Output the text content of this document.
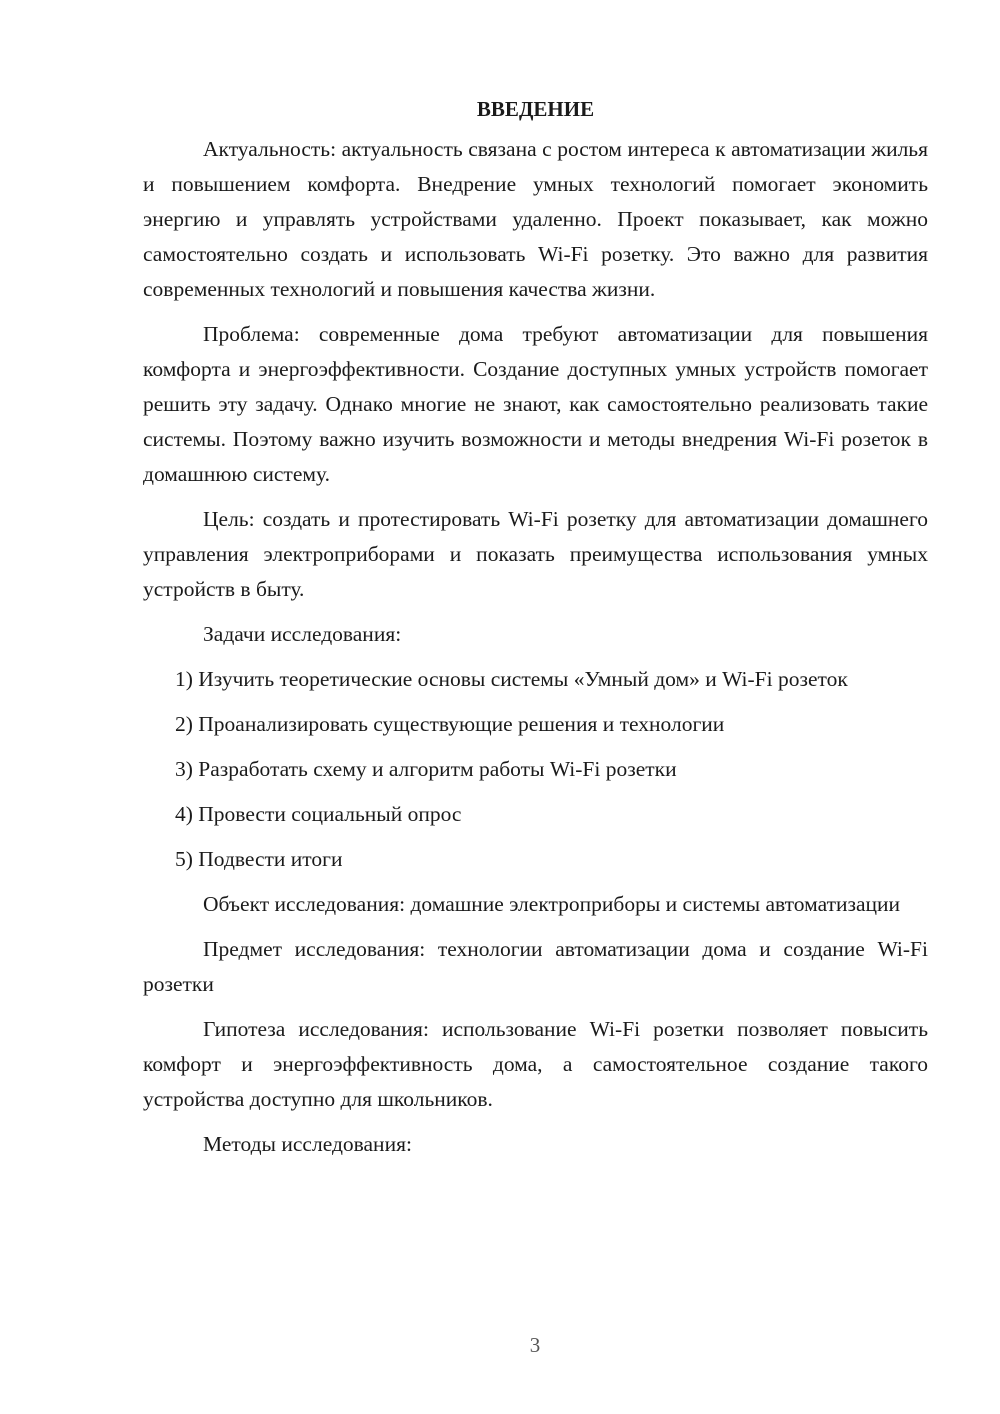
ВВЕДЕНИЕ

Актуальность: актуальность связана с ростом интереса к автоматизации жилья и повышением комфорта. Внедрение умных технологий помогает экономить энергию и управлять устройствами удаленно. Проект показывает, как можно самостоятельно создать и использовать Wi-Fi розетку. Это важно для развития современных технологий и повышения качества жизни.

Проблема: современные дома требуют автоматизации для повышения комфорта и энергоэффективности. Создание доступных умных устройств помогает решить эту задачу. Однако многие не знают, как самостоятельно реализовать такие системы. Поэтому важно изучить возможности и методы внедрения Wi-Fi розеток в домашнюю систему.

Цель: создать и протестировать Wi-Fi розетку для автоматизации домашнего управления электроприборами и показать преимущества использования умных устройств в быту.

Задачи исследования:

1) Изучить теоретические основы системы «Умный дом» и Wi-Fi розеток

2) Проанализировать существующие решения и технологии

3) Разработать схему и алгоритм работы Wi-Fi розетки

4) Провести социальный опрос

5) Подвести итоги

Объект исследования: домашние электроприборы и системы автоматизации

Предмет исследования: технологии автоматизации дома и создание Wi-Fi розетки

Гипотеза исследования: использование Wi-Fi розетки позволяет повысить комфорт и энергоэффективность дома, а самостоятельное создание такого устройства доступно для школьников.

Методы исследования:

3
